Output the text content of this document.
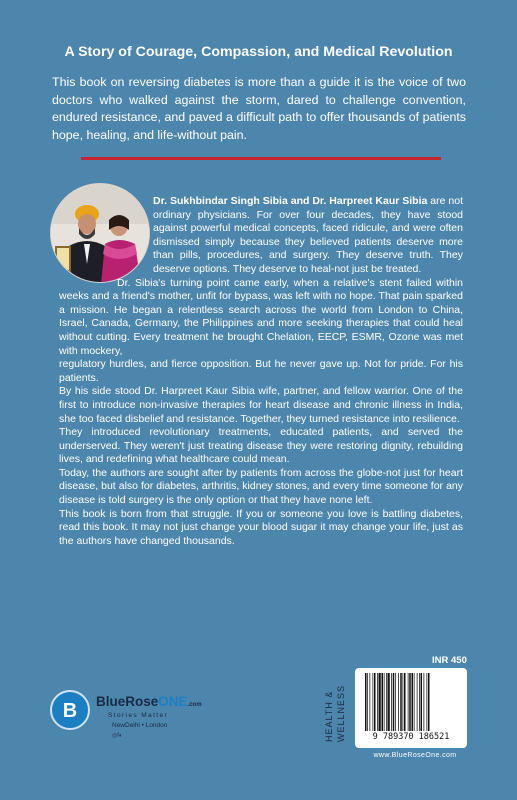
A Story of Courage, Compassion, and Medical Revolution
This book on reversing diabetes is more than a guide it is the voice of two doctors who walked against the storm, dared to challenge convention, endured resistance, and paved a difficult path to offer thousands of patients hope, healing, and life-without pain.
Dr. Sukhbindar Singh Sibia and Dr. Harpreet Kaur Sibia are not ordinary physicians. For over four decades, they have stood against powerful medical concepts, faced ridicule, and were often dismissed simply because they believed patients deserve more than pills, procedures, and surgery. They deserve truth. They deserve options. They deserve to heal-not just be treated.
Dr. Sibia's turning point came early, when a relative's stent failed within weeks and a friend's mother, unfit for bypass, was left with no hope. That pain sparked a mission. He began a relentless search across the world from London to China, Israel, Canada, Germany, the Philippines and more seeking therapies that could heal without cutting. Every treatment he brought Chelation, EECP, ESMR, Ozone was met with mockery,
regulatory hurdles, and fierce opposition. But he never gave up. Not for pride. For his patients.
By his side stood Dr. Harpreet Kaur Sibia wife, partner, and fellow warrior. One of the first to introduce non-invasive therapies for heart disease and chronic illness in India, she too faced disbelief and resistance. Together, they turned resistance into resilience.
They introduced revolutionary treatments, educated patients, and served the underserved. They weren't just treating disease they were restoring dignity, rebuilding lives, and redefining what healthcare could mean.
Today, the authors are sought after by patients from across the globe-not just for heart disease, but also for diabetes, arthritis, kidney stones, and every time someone for any disease is told surgery is the only option or that they have none left.
This book is born from that struggle. If you or someone you love is battling diabetes, read this book. It may not just change your blood sugar it may change your life, just as the authors have changed thousands.
B BlueRoseONE.com
Stories Matter
NewDelhi • London
◎f◐	HEALTH & WELLNESS
INR 450
9 789370 186521
www.BlueRoseOne.com
